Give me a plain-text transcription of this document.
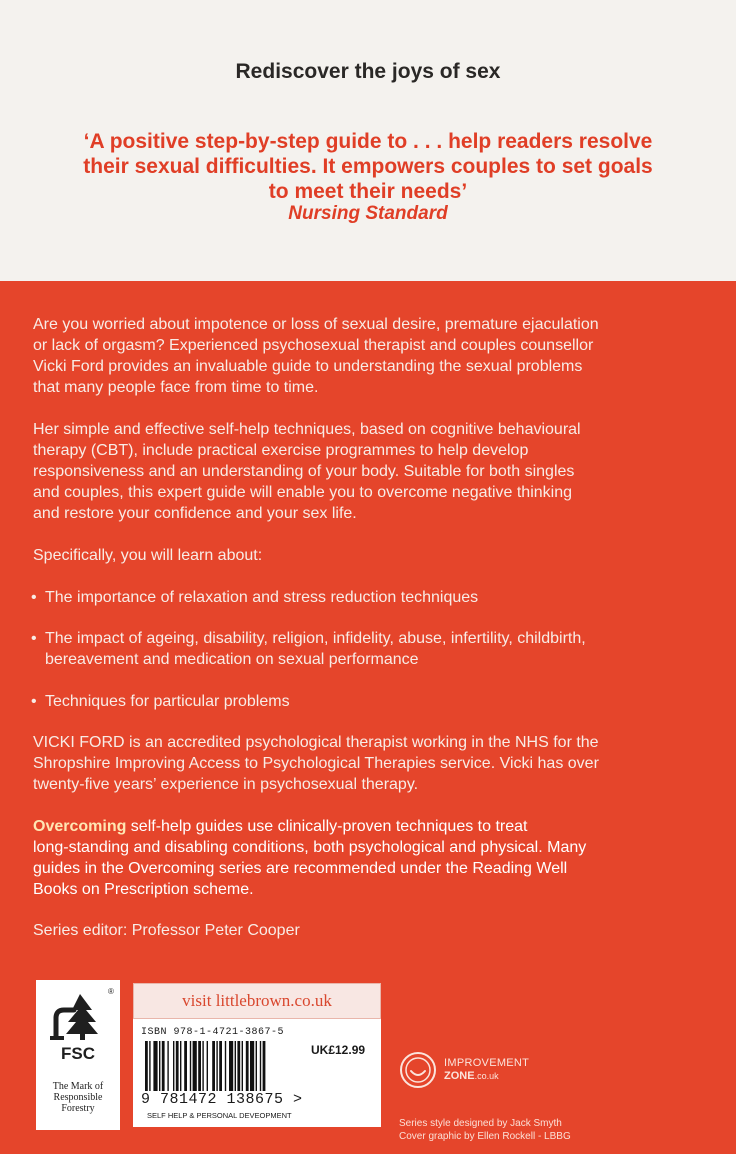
Rediscover the joys of sex
‘A positive step-by-step guide to . . . help readers resolve
their sexual difficulties. It empowers couples to set goals
to meet their needs’
Nursing Standard
Are you worried about impotence or loss of sexual desire, premature ejaculation
or lack of orgasm? Experienced psychosexual therapist and couples counsellor
Vicki Ford provides an invaluable guide to understanding the sexual problems
that many people face from time to time.
Her simple and effective self-help techniques, based on cognitive behavioural
therapy (CBT), include practical exercise programmes to help develop
responsiveness and an understanding of your body. Suitable for both singles
and couples, this expert guide will enable you to overcome negative thinking
and restore your confidence and your sex life.
Specifically, you will learn about:
• The importance of relaxation and stress reduction techniques
• The impact of ageing, disability, religion, infidelity, abuse, infertility, childbirth,
bereavement and medication on sexual performance
• Techniques for particular problems
VICKI FORD is an accredited psychological therapist working in the NHS for the
Shropshire Improving Access to Psychological Therapies service. Vicki has over
twenty-five years’ experience in psychosexual therapy.
Overcoming self-help guides use clinically-proven techniques to treat
long-standing and disabling conditions, both psychological and physical. Many
guides in the Overcoming series are recommended under the Reading Well
Books on Prescription scheme.
Series editor: Professor Peter Cooper
®
FSC
The Mark of
Responsible
Forestry
visit littlebrown.co.uk
ISBN 978-1-4721-3867-5
UK£12.99
9 781472 138675 >
SELF HELP & PERSONAL DEVEOPMENT
IMPROVEMENT
ZONE.co.uk
Series style designed by Jack Smyth
Cover graphic by Ellen Rockell - LBBG
